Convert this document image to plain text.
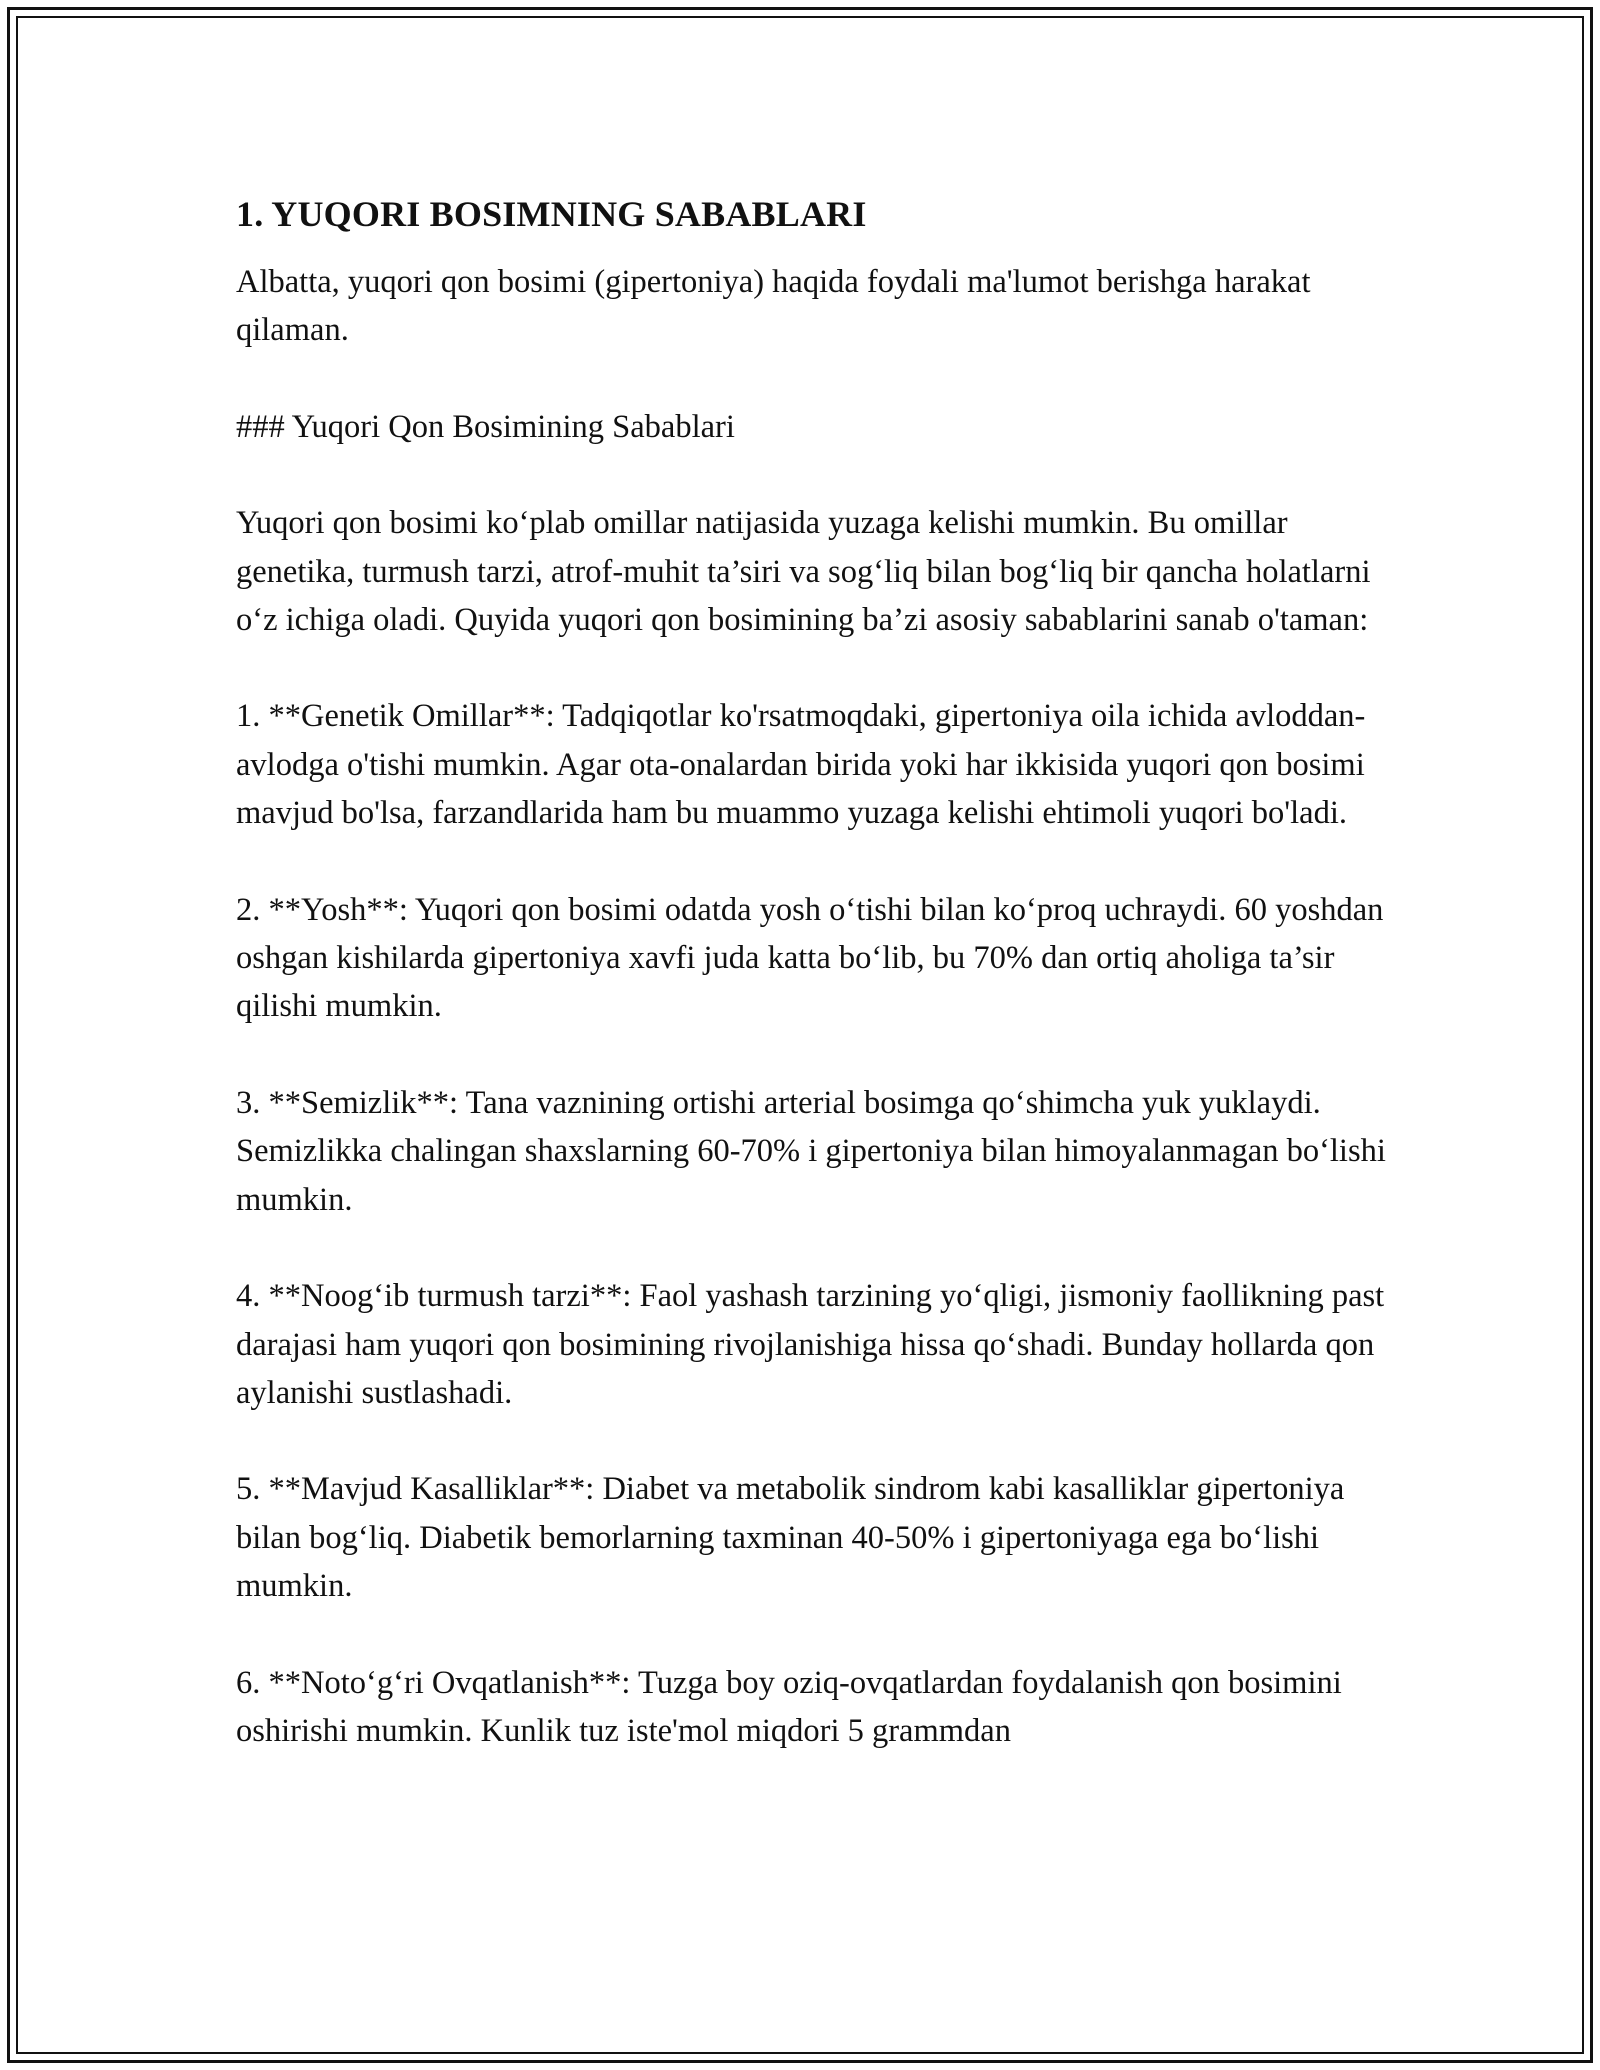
1. YUQORI BOSIMNING SABABLARI

Albatta, yuqori qon bosimi (gipertoniya) haqida foydali ma'lumot berishga harakat qilaman.

### Yuqori Qon Bosimining Sabablari

Yuqori qon bosimi ko‘plab omillar natijasida yuzaga kelishi mumkin. Bu omillar genetika, turmush tarzi, atrof-muhit ta’siri va sog‘liq bilan bog‘liq bir qancha holatlarni o‘z ichiga oladi. Quyida yuqori qon bosimining ba’zi asosiy sabablarini sanab o'taman:

1. **Genetik Omillar**: Tadqiqotlar ko'rsatmoqdaki, gipertoniya oila ichida avloddan-avlodga o'tishi mumkin. Agar ota-onalardan birida yoki har ikkisida yuqori qon bosimi mavjud bo'lsa, farzandlarida ham bu muammo yuzaga kelishi ehtimoli yuqori bo'ladi.

2. **Yosh**: Yuqori qon bosimi odatda yosh o‘tishi bilan ko‘proq uchraydi. 60 yoshdan oshgan kishilarda gipertoniya xavfi juda katta bo‘lib, bu 70% dan ortiq aholiga ta’sir qilishi mumkin.

3. **Semizlik**: Tana vaznining ortishi arterial bosimga qo‘shimcha yuk yuklaydi. Semizlikka chalingan shaxslarning 60-70% i gipertoniya bilan himoyalanmagan bo‘lishi mumkin.

4. **Noog‘ib turmush tarzi**: Faol yashash tarzining yo‘qligi, jismoniy faollikning past darajasi ham yuqori qon bosimining rivojlanishiga hissa qo‘shadi. Bunday hollarda qon aylanishi sustlashadi.

5. **Mavjud Kasalliklar**: Diabet va metabolik sindrom kabi kasalliklar gipertoniya bilan bog‘liq. Diabetik bemorlarning taxminan 40-50% i gipertoniyaga ega bo‘lishi mumkin.

6. **Noto‘g‘ri Ovqatlanish**: Tuzga boy oziq-ovqatlardan foydalanish qon bosimini oshirishi mumkin. Kunlik tuz iste'mol miqdori 5 grammdan
